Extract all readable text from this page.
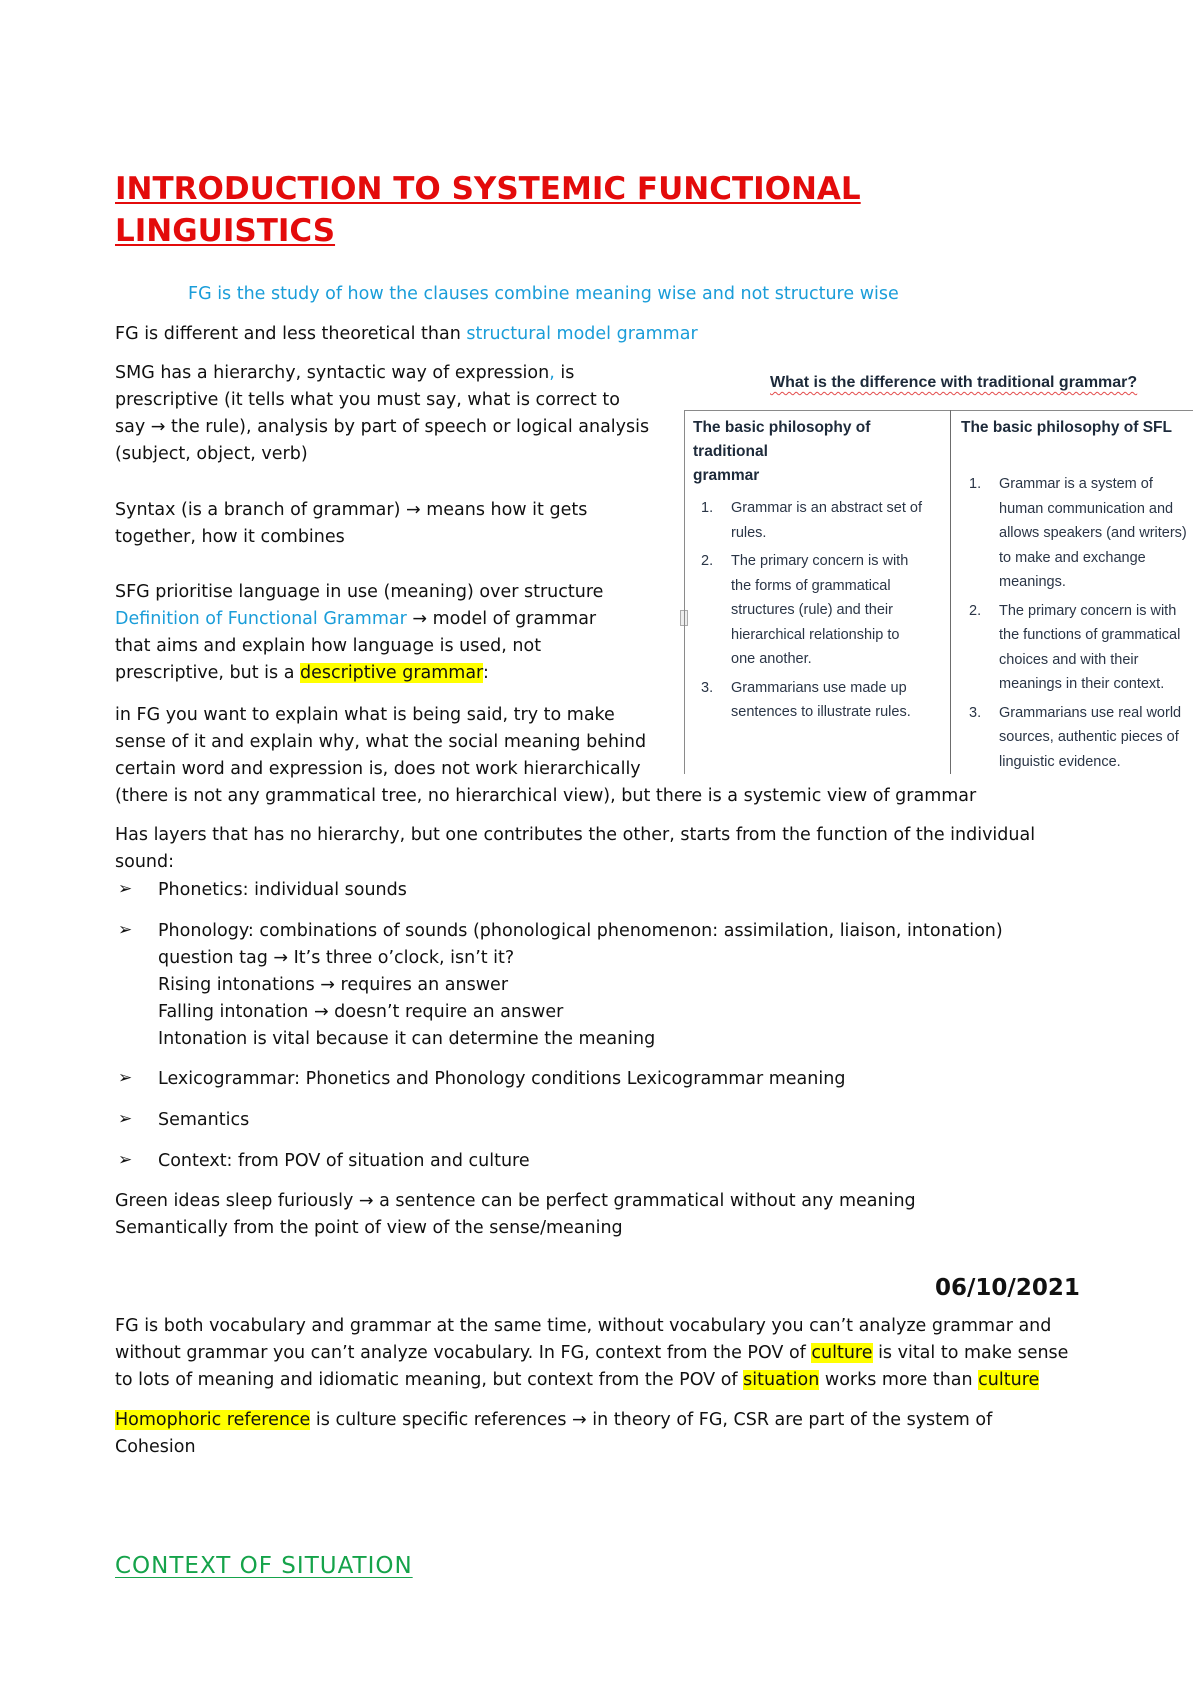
INTRODUCTION TO SYSTEMIC FUNCTIONAL
LINGUISTICS
FG is the study of how the clauses combine meaning wise and not structure wise
FG is different and less theoretical than structural model grammar
SMG has a hierarchy, syntactic way of expression, is
prescriptive (it tells what you must say, what is correct to
say → the rule), analysis by part of speech or logical analysis
(subject, object, verb)
Syntax (is a branch of grammar) → means how it gets
together, how it combines
SFG prioritise language in use (meaning) over structure
Definition of Functional Grammar → model of grammar
that aims and explain how language is used, not
prescriptive, but is a descriptive grammar:
in FG you want to explain what is being said, try to make
sense of it and explain why, what the social meaning behind
certain word and expression is, does not work hierarchically
(there is not any grammatical tree, no hierarchical view), but there is a systemic view of grammar
Has layers that has no hierarchy, but one contributes the other, starts from the function of the individual
sound:
➢ Phonetics: individual sounds
➢ Phonology: combinations of sounds (phonological phenomenon: assimilation, liaison, intonation)
question tag → It’s three o’clock, isn’t it?
Rising intonations → requires an answer
Falling intonation → doesn’t require an answer
Intonation is vital because it can determine the meaning
➢ Lexicogrammar: Phonetics and Phonology conditions Lexicogrammar meaning
➢ Semantics
➢ Context: from POV of situation and culture
Green ideas sleep furiously → a sentence can be perfect grammatical without any meaning
Semantically from the point of view of the sense/meaning
06/10/2021
FG is both vocabulary and grammar at the same time, without vocabulary you can’t analyze grammar and
without grammar you can’t analyze vocabulary. In FG, context from the POV of culture is vital to make sense
to lots of meaning and idiomatic meaning, but context from the POV of situation works more than culture
Homophoric reference is culture specific references → in theory of FG, CSR are part of the system of
Cohesion
CONTEXT OF SITUATION
What is the difference with traditional grammar?
The basic philosophy of traditional
grammar
1. Grammar is an abstract set of
rules.
2. The primary concern is with
the forms of grammatical
structures (rule) and their
hierarchical relationship to
one another.
3. Grammarians use made up
sentences to illustrate rules.
The basic philosophy of SFL
1. Grammar is a system of
human communication and
allows speakers (and writers)
to make and exchange
meanings.
2. The primary concern is with
the functions of grammatical
choices and with their
meanings in their context.
3. Grammarians use real world
sources, authentic pieces of
linguistic evidence.
